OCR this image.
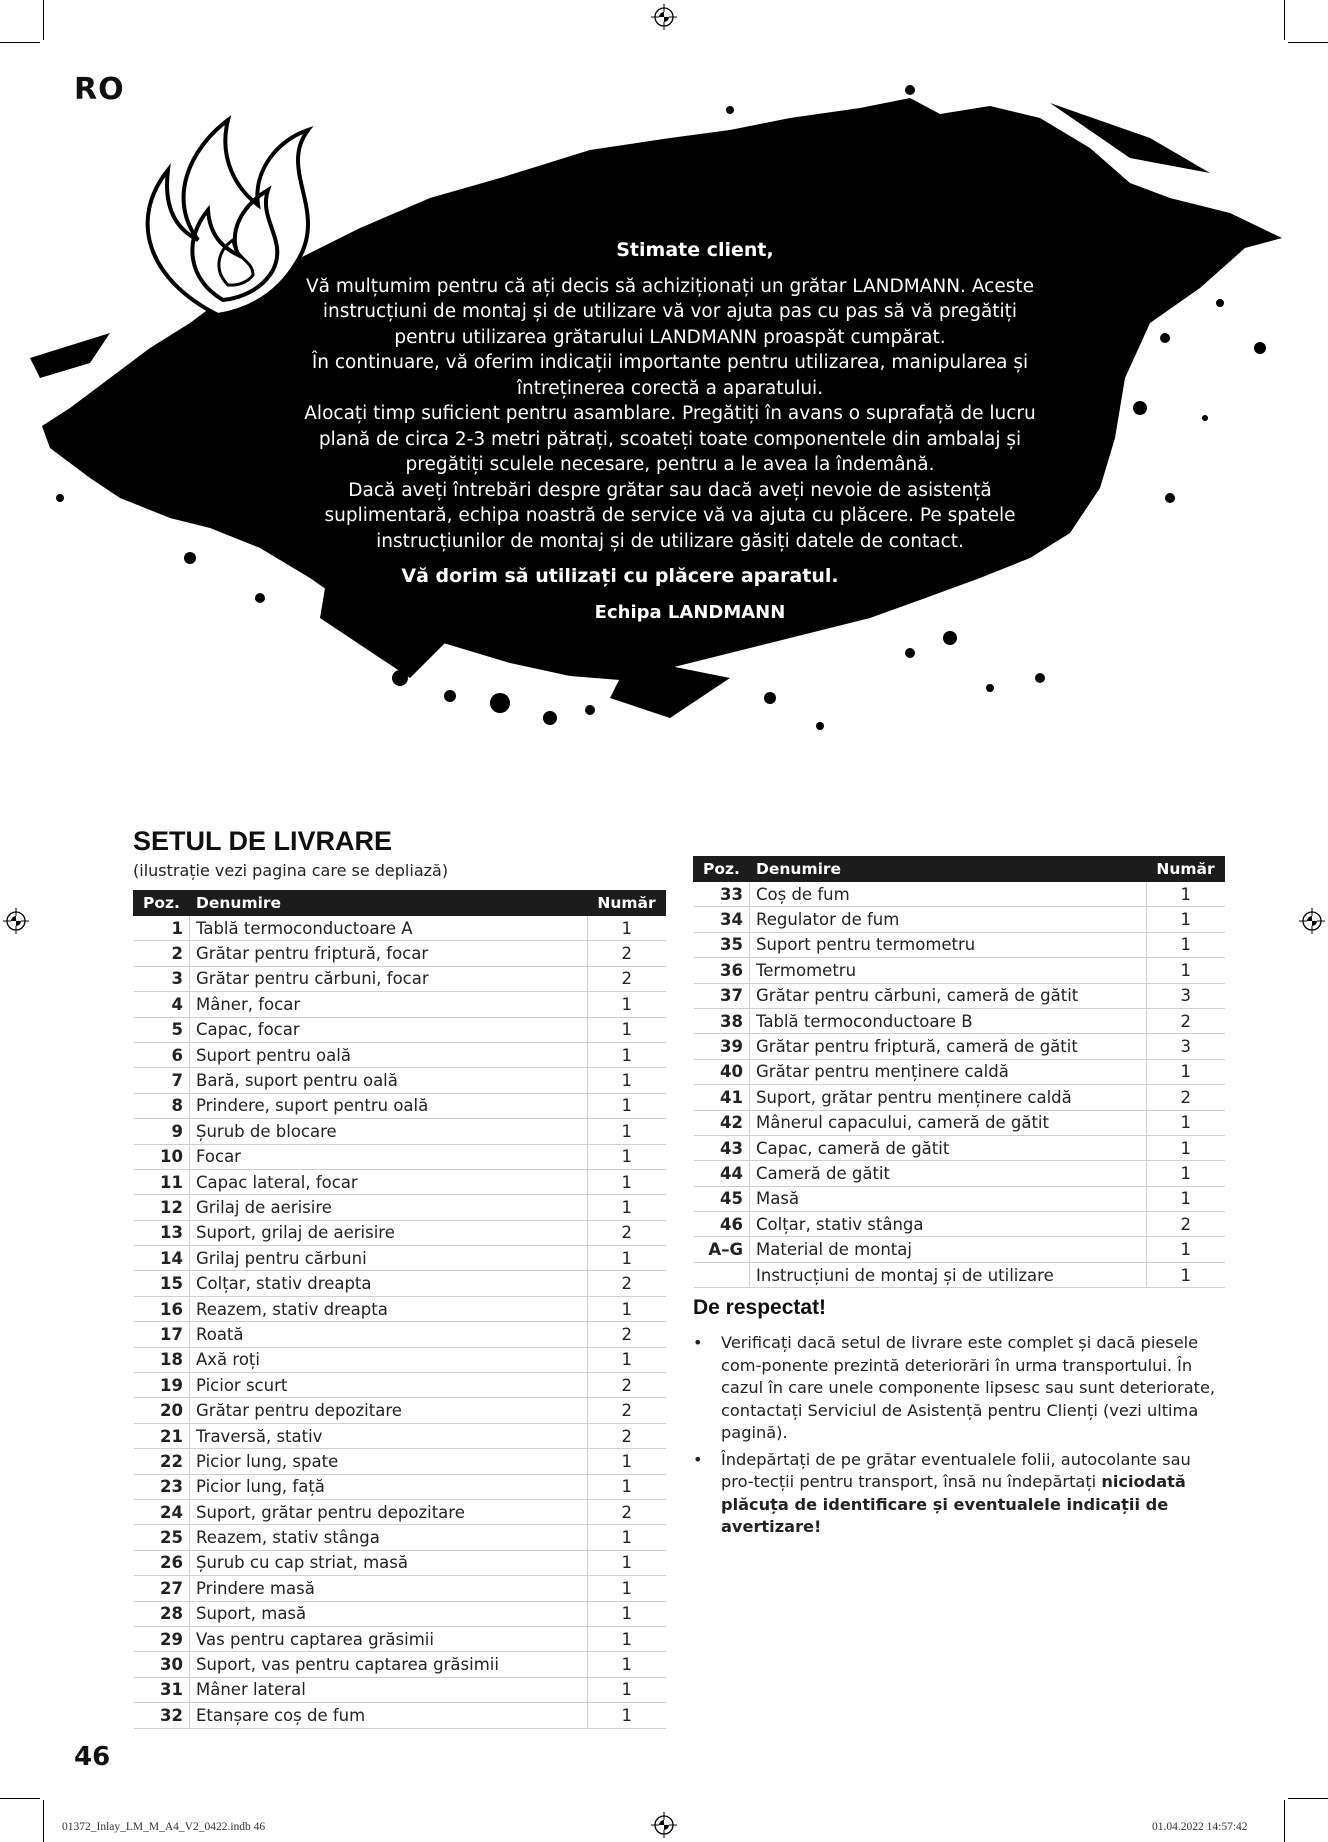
RO
Stimate client,

Vă mulțumim pentru că ați decis să achiziționați un grătar LANDMANN. Aceste instrucțiuni de montaj și de utilizare vă vor ajuta pas cu pas să vă pregătiți pentru utilizarea grătarului LANDMANN proaspăt cumpărat.

În continuare, vă oferim indicații importante pentru utilizarea, manipularea și întreținerea corectă a aparatului.

Alocați timp suficient pentru asamblare. Pregătiți în avans o suprafață de lucru plană de circa 2-3 metri pătrați, scoateți toate componentele din ambalaj și pregătiți sculele necesare, pentru a le avea la îndemână.

Dacă aveți întrebări despre grătar sau dacă aveți nevoie de asistență suplimentară, echipa noastră de service vă va ajuta cu plăcere. Pe spatele instrucțiunilor de montaj și de utilizare găsiți datele de contact.

Vă dorim să utilizați cu plăcere aparatul.
Echipa LANDMANN
SETUL DE LIVRARE
(ilustrație vezi pagina care se depliază)
Poz.	Denumire	Număr
1	Tablă termoconductoare A	1
2	Grătar pentru friptură, focar	2
3	Grătar pentru cărbuni, focar	2
4	Mâner, focar	1
5	Capac, focar	1
6	Suport pentru oală	1
7	Bară, suport pentru oală	1
8	Prindere, suport pentru oală	1
9	Șurub de blocare	1
10	Focar	1
11	Capac lateral, focar	1
12	Grilaj de aerisire	1
13	Suport, grilaj de aerisire	2
14	Grilaj pentru cărbuni	1
15	Colțar, stativ dreapta	2
16	Reazem, stativ dreapta	1
17	Roată	2
18	Axă roți	1
19	Picior scurt	2
20	Grătar pentru depozitare	2
21	Traversă, stativ	2
22	Picior lung, spate	1
23	Picior lung, față	1
24	Suport, grătar pentru depozitare	2
25	Reazem, stativ stânga	1
26	Șurub cu cap striat, masă	1
27	Prindere masă	1
28	Suport, masă	1
29	Vas pentru captarea grăsimii	1
30	Suport, vas pentru captarea grăsimii	1
31	Mâner lateral	1
32	Etanșare coș de fum	1
Poz.	Denumire	Număr
33	Coș de fum	1
34	Regulator de fum	1
35	Suport pentru termometru	1
36	Termometru	1
37	Grătar pentru cărbuni, cameră de gătit	3
38	Tablă termoconductoare B	2
39	Grătar pentru friptură, cameră de gătit	3
40	Grătar pentru menținere caldă	1
41	Suport, grătar pentru menținere caldă	2
42	Mânerul capacului, cameră de gătit	1
43	Capac, cameră de gătit	1
44	Cameră de gătit	1
45	Masă	1
46	Colțar, stativ stânga	2
A–G	Material de montaj	1
	Instrucțiuni de montaj și de utilizare	1
De respectat!
• Verificați dacă setul de livrare este complet și dacă piesele com-ponente prezintă deteriorări în urma transportului. În cazul în care unele componente lipsesc sau sunt deteriorate, contactați Serviciul de Asistență pentru Clienți (vezi ultima pagină).
• Îndepărtați de pe grătar eventualele folii, autocolante sau pro-tecții pentru transport, însă nu îndepărtați niciodată plăcuța de identificare și eventualele indicații de avertizare!
46
01372_Inlay_LM_M_A4_V2_0422.indb 46	01.04.2022 14:57:42
